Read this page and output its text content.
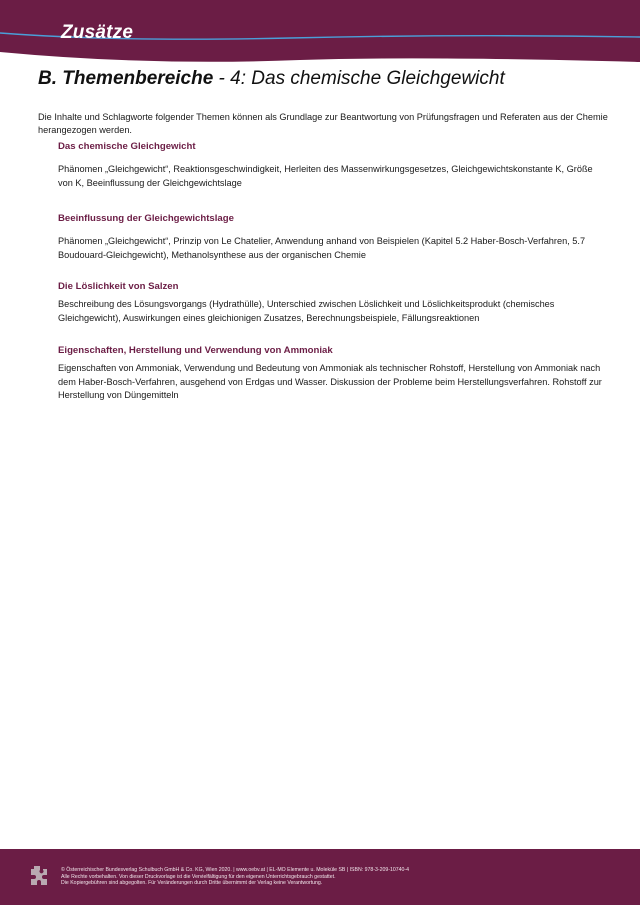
Zusätze
B. Themenbereiche - 4: Das chemische Gleichgewicht

Die Inhalte und Schlagworte folgender Themen können als Grundlage zur Beantwortung von Prüfungsfragen und Referaten aus der Chemie herangezogen werden.

Das chemische Gleichgewicht

Phänomen „Gleichgewicht“, Reaktionsgeschwindigkeit, Herleiten des Massenwirkungsgesetzes, Gleichgewichtskonstante K, Größe von K, Beeinflussung der Gleichgewichtslage

Beeinflussung der Gleichgewichtslage

Phänomen „Gleichgewicht“, Prinzip von Le Chatelier, Anwendung anhand von Beispielen (Kapitel 5.2 Haber-Bosch-Verfahren, 5.7 Boudouard-Gleichgewicht), Methanolsynthese aus der organischen Chemie

Die Löslichkeit von Salzen

Beschreibung des Lösungsvorgangs (Hydrathülle), Unterschied zwischen Löslichkeit und Löslichkeitsprodukt (chemisches Gleichgewicht), Auswirkungen eines gleichionigen Zusatzes, Berechnungsbeispiele, Fällungsreaktionen

Eigenschaften, Herstellung und Verwendung von Ammoniak

Eigenschaften von Ammoniak, Verwendung und Bedeutung von Ammoniak als technischer Rohstoff, Herstellung von Ammoniak nach dem Haber-Bosch-Verfahren, ausgehend von Erdgas und Wasser. Diskussion der Probleme beim Herstellungsverfahren. Rohstoff zur Herstellung von Düngemitteln

© Österreichischer Bundesverlag Schulbuch GmbH & Co. KG, Wien 2020. | www.oebv.at | EL-MO Elemente u. Moleküle SB | ISBN: 978-3-209-10740-4
Alle Rechte vorbehalten. Von dieser Druckvorlage ist die Vervielfältigung für den eigenen Unterrichtsgebrauch gestattet.
Die Kopiergebühren sind abgegolten. Für Veränderungen durch Dritte übernimmt der Verlag keine Verantwortung.
